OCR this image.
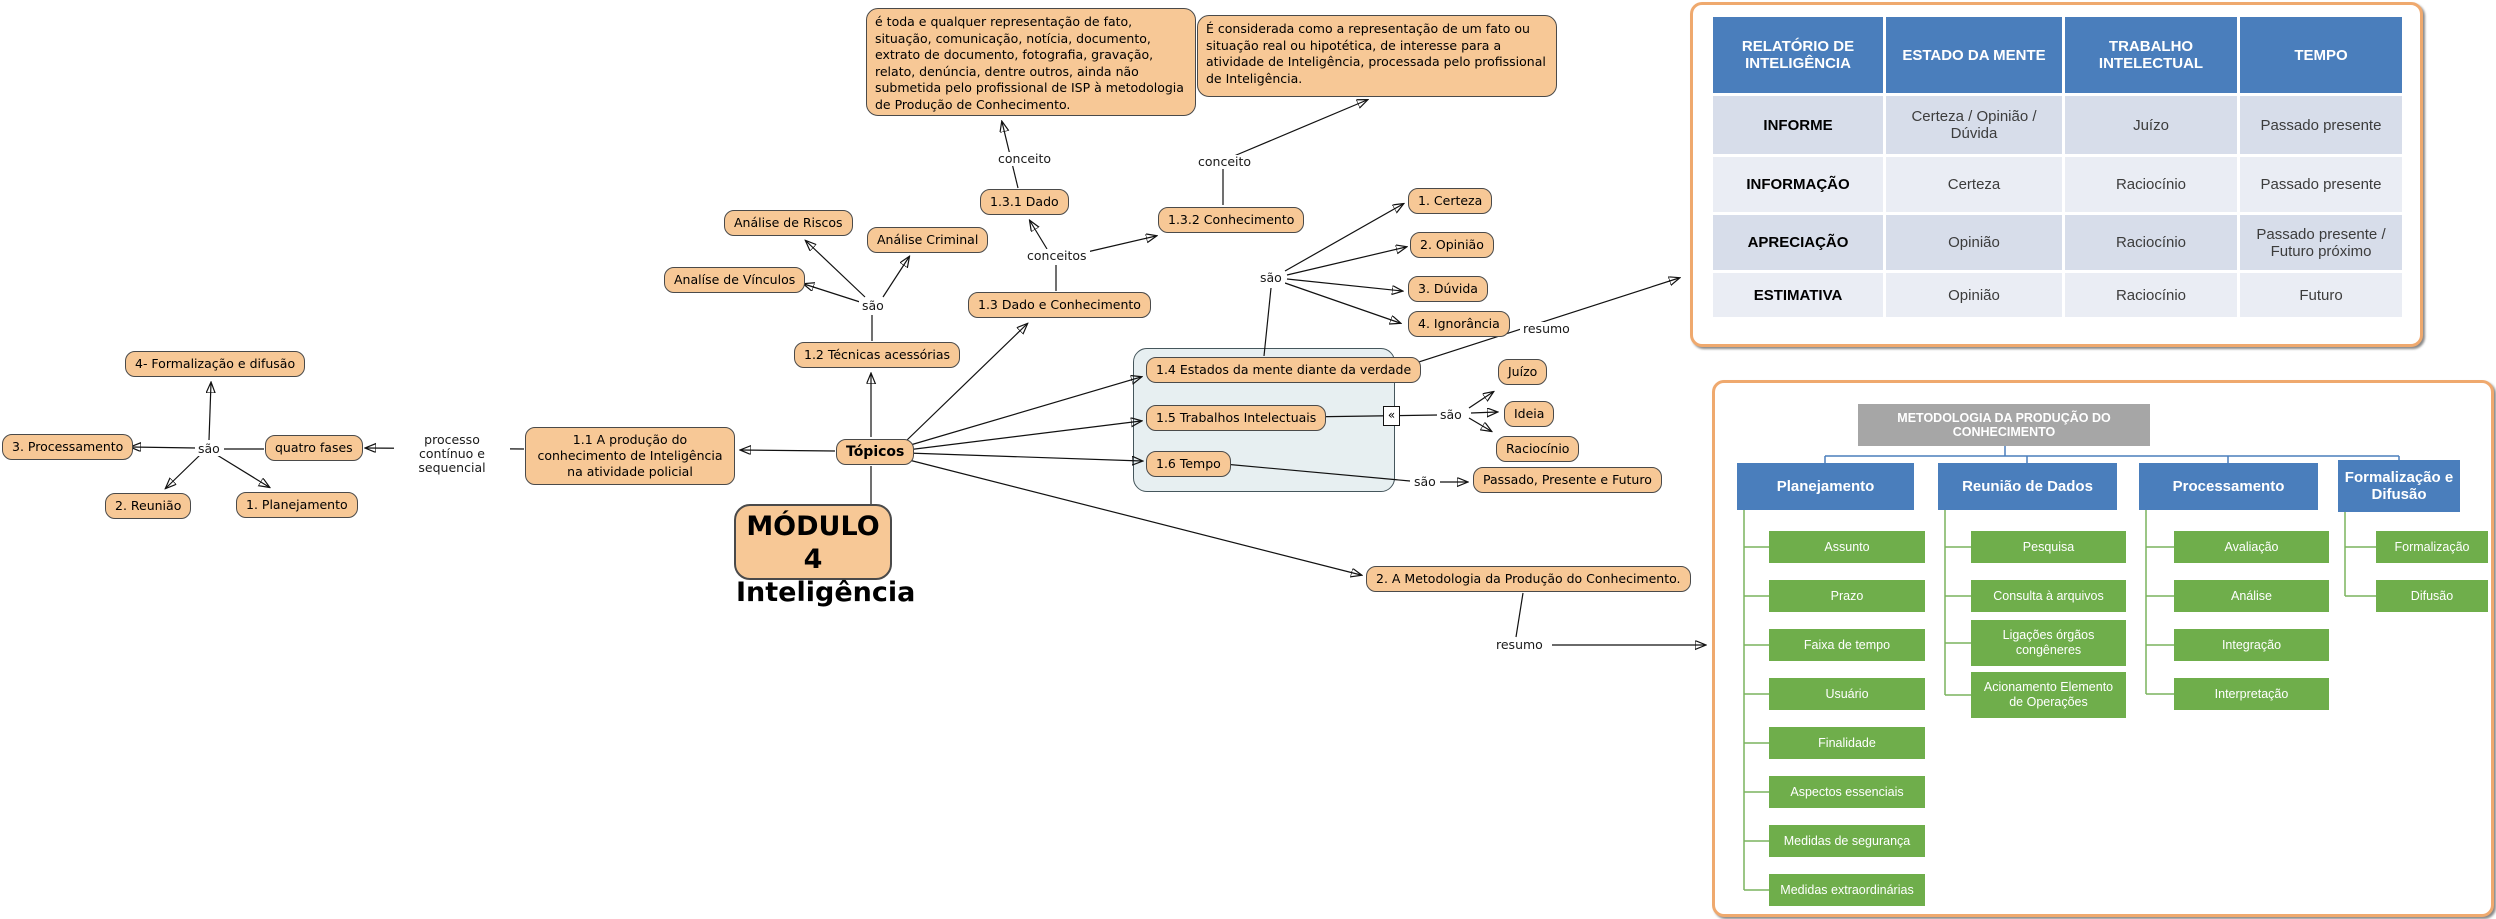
é toda e qualquer representação de fato, situação, comunicação, notícia, documento, extrato de documento, fotografia, gravação, relato, denúncia, dentre outros, ainda não submetida pelo profissional de ISP à metodologia de Produção de Conhecimento.
É considerada como a representação de um fato ou situação real ou hipotética, de interesse para a atividade de Inteligência, processada pelo profissional de Inteligência.
1.3.1 Dado
1.3.2 Conhecimento
Análise de Riscos
Análise Criminal
Analíse de Vínculos
1.3 Dado e Conhecimento
1.2 Técnicas acessórias
1. Certeza
2. Opinião
3. Dúvida
4. Ignorância
1.4 Estados da mente diante da verdade
1.5 Trabalhos Intelectuais
1.6 Tempo
Juízo
Ideia
Raciocínio
Passado, Presente e Futuro
Tópicos
1.1 A produção do conhecimento de Inteligência na atividade policial
2. A Metodologia da Produção do Conhecimento.
4- Formalização e difusão
3. Processamento	quatro fases
2. Reunião	1. Planejamento
MÓDULO 4
Inteligência
conceito	conceito
conceitos
são
são
são
são
são
resumo
resumo
processo contínuo e sequencial
«
RELATÓRIO DE INTELIGÊNCIA	ESTADO DA MENTE	TRABALHO INTELECTUAL	TEMPO
INFORME	Certeza / Opinião / Dúvida	Juízo	Passado presente
INFORMAÇÃO	Certeza	Raciocínio	Passado presente
APRECIAÇÃO	Opinião	Raciocínio	Passado presente / Futuro próximo
ESTIMATIVA	Opinião	Raciocínio	Futuro
METODOLOGIA DA PRODUÇÃO DO CONHECIMENTO
Planejamento	Reunião de Dados	Processamento
Formalização e Difusão
Assunto
Prazo
Faixa de tempo
Usuário
Finalidade
Aspectos essenciais
Medidas de segurança
Medidas extraordinárias
Pesquisa
Consulta à arquivos
Ligações órgãos congêneres
Acionamento Elemento de Operações
Avaliação
Análise
Integração
Interpretação
Formalização
Difusão
